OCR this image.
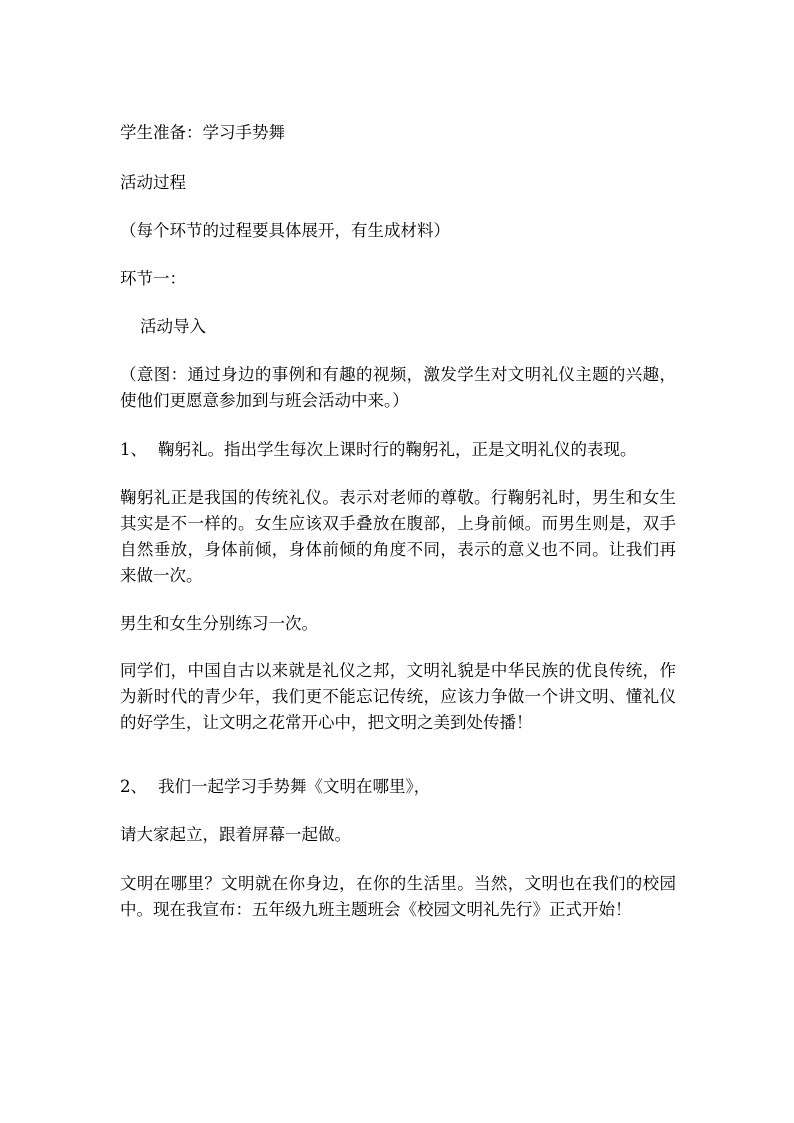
学生准备：学习手势舞
活动过程
（每个环节的过程要具体展开，有生成材料）
环节一：
活动导入
（意图：通过身边的事例和有趣的视频，激发学生对文明礼仪主题的兴趣，使他们更愿意参加到与班会活动中来。）
1、 鞠躬礼。指出学生每次上课时行的鞠躬礼，正是文明礼仪的表现。
鞠躬礼正是我国的传统礼仪。表示对老师的尊敬。行鞠躬礼时，男生和女生其实是不一样的。女生应该双手叠放在腹部，上身前倾。而男生则是，双手自然垂放，身体前倾，身体前倾的角度不同，表示的意义也不同。让我们再来做一次。
男生和女生分别练习一次。
同学们，中国自古以来就是礼仪之邦，文明礼貌是中华民族的优良传统，作为新时代的青少年，我们更不能忘记传统，应该力争做一个讲文明、懂礼仪的好学生，让文明之花常开心中，把文明之美到处传播！
2、 我们一起学习手势舞《文明在哪里》，
请大家起立，跟着屏幕一起做。
文明在哪里？文明就在你身边，在你的生活里。当然，文明也在我们的校园中。现在我宣布：五年级九班主题班会《校园文明礼先行》正式开始！
